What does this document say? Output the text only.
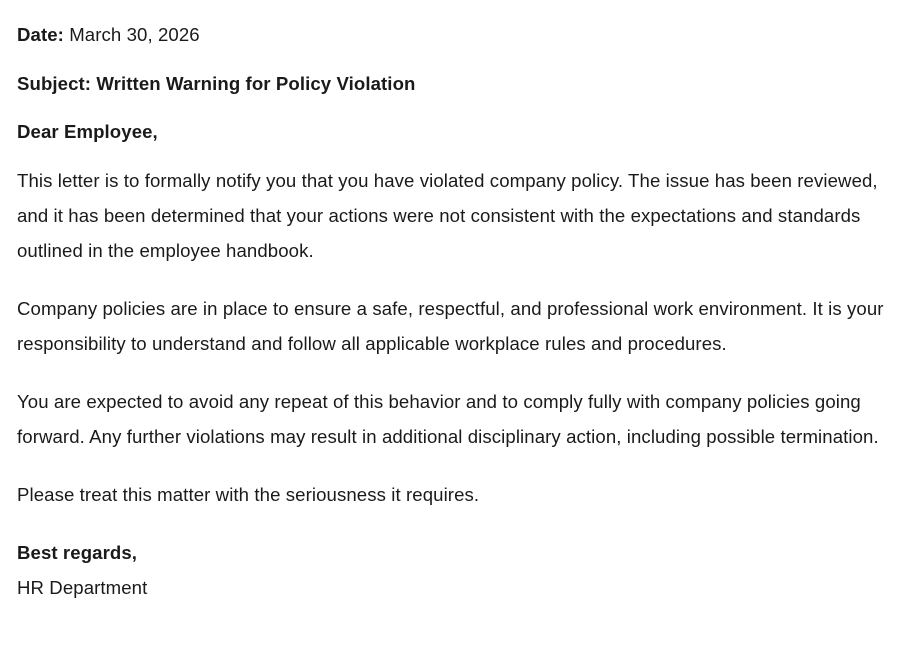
Date: March 30, 2026

Subject: Written Warning for Policy Violation

Dear Employee,

This letter is to formally notify you that you have violated company policy. The issue has been reviewed, and it has been determined that your actions were not consistent with the expectations and standards outlined in the employee handbook.

Company policies are in place to ensure a safe, respectful, and professional work environment. It is your responsibility to understand and follow all applicable workplace rules and procedures.

You are expected to avoid any repeat of this behavior and to comply fully with company policies going forward. Any further violations may result in additional disciplinary action, including possible termination.

Please treat this matter with the seriousness it requires.

Best regards,

HR Department
